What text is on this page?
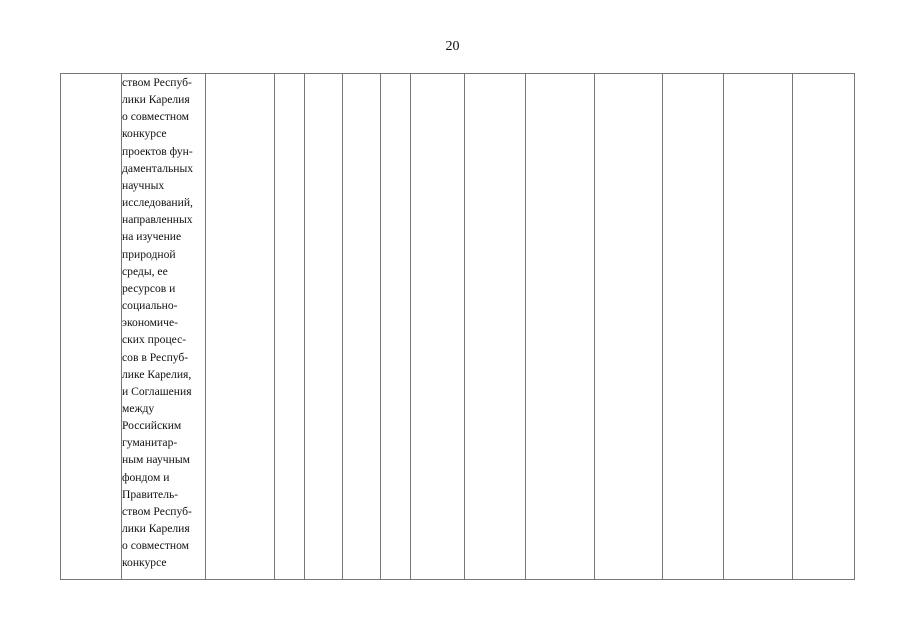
20

ством Респуб-
лики Карелия
о совместном
конкурсе
проектов фун-
даментальных
научных
исследований,
направленных
на изучение
природной
среды, ее
ресурсов и
социально-
экономиче-
ских процес-
сов в Респуб-
лике Карелия,
и Соглашения
между
Российским
гуманитар-
ным научным
фондом и
Правитель-
ством Респуб-
лики Карелия
о совместном
конкурсе
